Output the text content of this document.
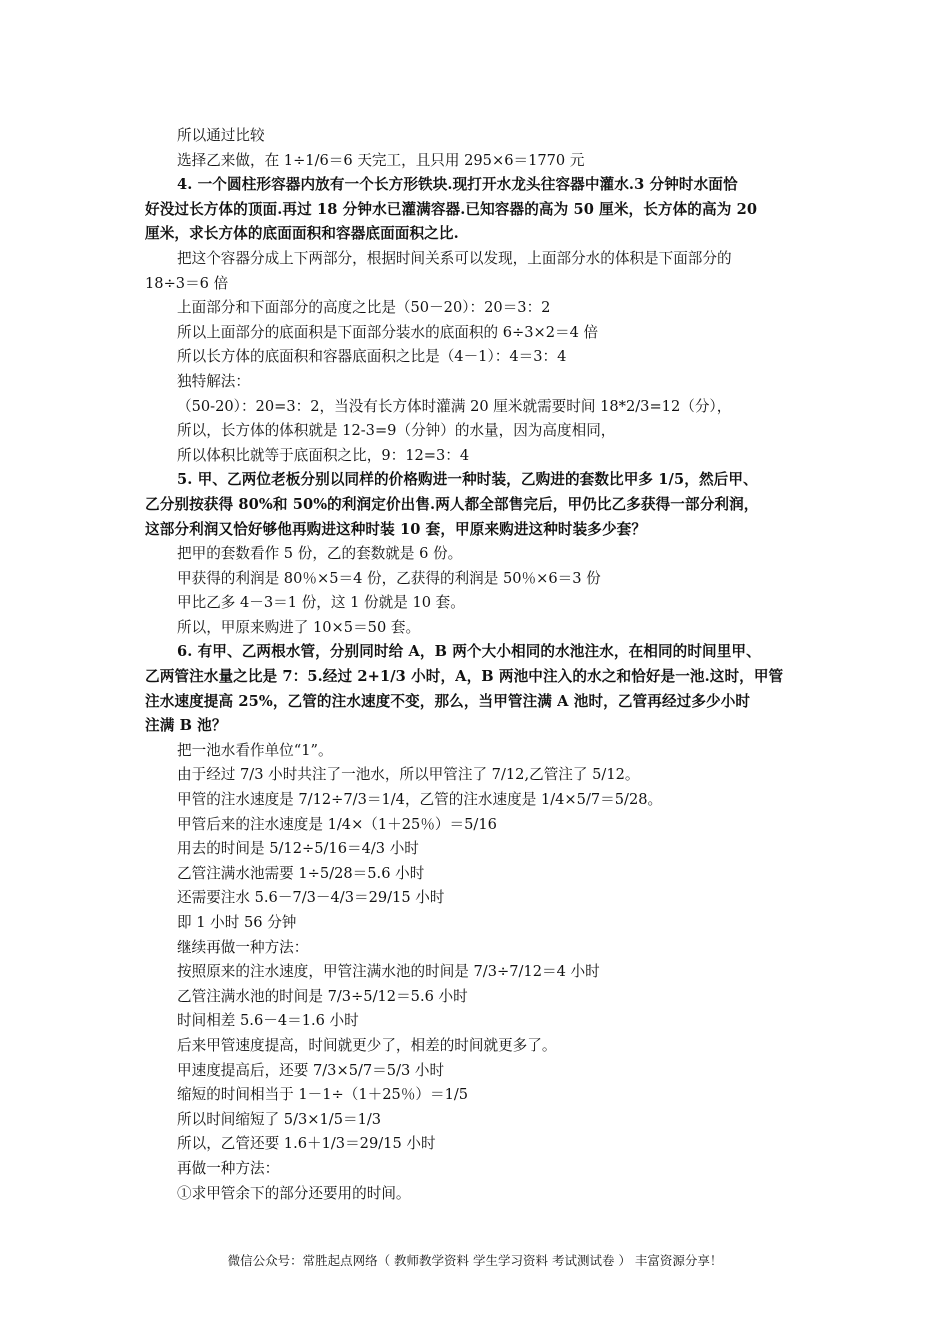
所以通过比较
选择乙来做，在 1÷1/6＝6 天完工，且只用 295×6＝1770 元
4. 一个圆柱形容器内放有一个长方形铁块.现打开水龙头往容器中灌水.3 分钟时水面恰
好没过长方体的顶面.再过 18 分钟水已灌满容器.已知容器的高为 50 厘米，长方体的高为 20
厘米，求长方体的底面面积和容器底面面积之比.
把这个容器分成上下两部分，根据时间关系可以发现，上面部分水的体积是下面部分的
18÷3＝6 倍
上面部分和下面部分的高度之比是（50－20）：20＝3：2
所以上面部分的底面积是下面部分装水的底面积的 6÷3×2＝4 倍
所以长方体的底面积和容器底面积之比是（4－1）：4＝3：4
独特解法：
（50-20）：20=3：2，当没有长方体时灌满 20 厘米就需要时间 18*2/3=12（分），
所以，长方体的体积就是 12-3=9（分钟）的水量，因为高度相同，
所以体积比就等于底面积之比，9：12=3：4
5. 甲、乙两位老板分别以同样的价格购进一种时装，乙购进的套数比甲多 1/5，然后甲、
乙分别按获得 80%和 50%的利润定价出售.两人都全部售完后，甲仍比乙多获得一部分利润，
这部分利润又恰好够他再购进这种时装 10 套，甲原来购进这种时装多少套？
把甲的套数看作 5 份，乙的套数就是 6 份。
甲获得的利润是 80％×5＝4 份，乙获得的利润是 50％×6＝3 份
甲比乙多 4－3＝1 份，这 1 份就是 10 套。
所以，甲原来购进了 10×5＝50 套。
6. 有甲、乙两根水管，分别同时给 A，B 两个大小相同的水池注水，在相同的时间里甲、
乙两管注水量之比是 7：5.经过 2+1/3 小时，A，B 两池中注入的水之和恰好是一池.这时，甲管
注水速度提高 25%，乙管的注水速度不变，那么，当甲管注满 A 池时，乙管再经过多少小时
注满 B 池？
把一池水看作单位“1”。
由于经过 7/3 小时共注了一池水，所以甲管注了 7/12,乙管注了 5/12。
甲管的注水速度是 7/12÷7/3＝1/4，乙管的注水速度是 1/4×5/7＝5/28。
甲管后来的注水速度是 1/4×（1＋25％）＝5/16
用去的时间是 5/12÷5/16＝4/3 小时
乙管注满水池需要 1÷5/28＝5.6 小时
还需要注水 5.6－7/3－4/3＝29/15 小时
即 1 小时 56 分钟
继续再做一种方法：
按照原来的注水速度，甲管注满水池的时间是 7/3÷7/12＝4 小时
乙管注满水池的时间是 7/3÷5/12＝5.6 小时
时间相差 5.6－4＝1.6 小时
后来甲管速度提高，时间就更少了，相差的时间就更多了。
甲速度提高后，还要 7/3×5/7＝5/3 小时
缩短的时间相当于 1－1÷（1＋25％）＝1/5
所以时间缩短了 5/3×1/5＝1/3
所以，乙管还要 1.6＋1/3＝29/15 小时
再做一种方法：
①求甲管余下的部分还要用的时间。
微信公众号：常胜起点网络（ 教师教学资料 学生学习资料 考试测试卷 ） 丰富资源分享！
